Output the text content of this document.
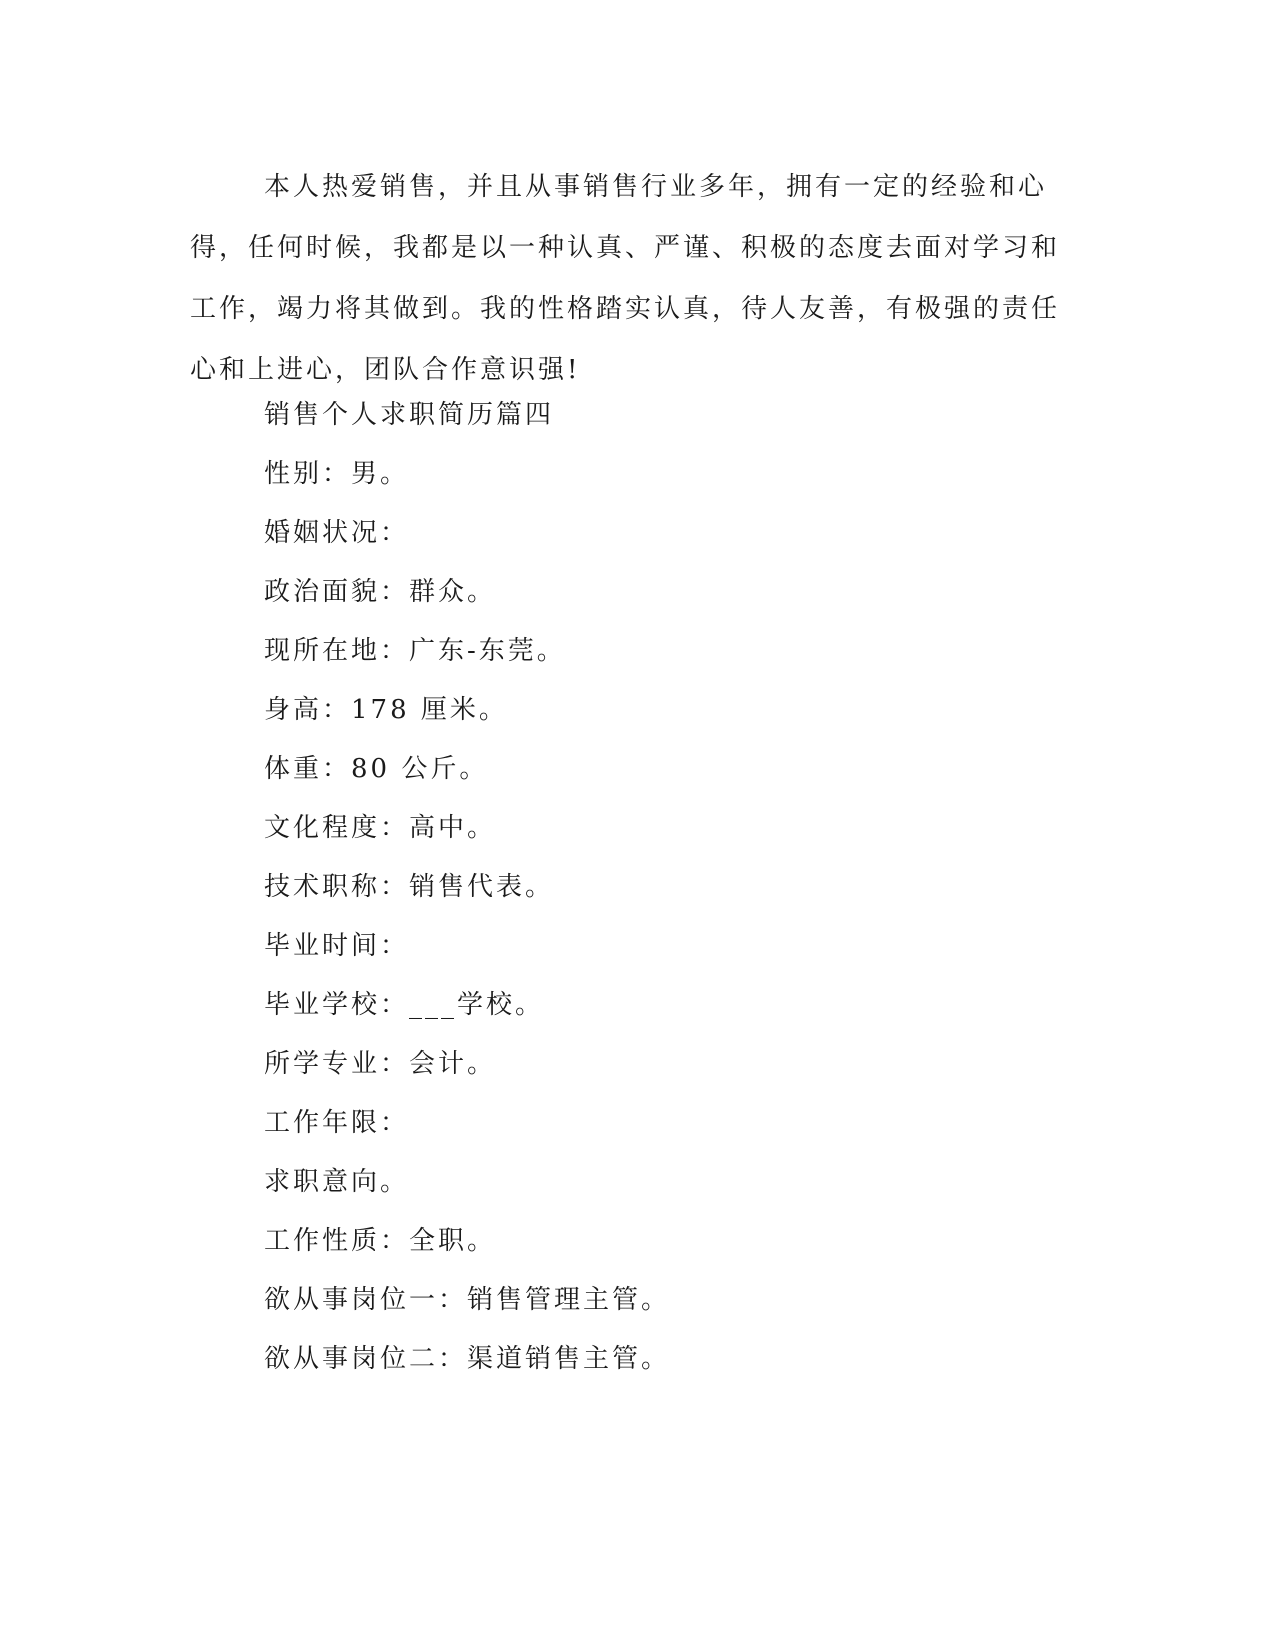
本人热爱销售，并且从事销售行业多年，拥有一定的经验和心得，任何时候，我都是以一种认真、严谨、积极的态度去面对学习和工作，竭力将其做到。我的性格踏实认真，待人友善，有极强的责任心和上进心，团队合作意识强!

销售个人求职简历篇四

性别：男。

婚姻状况：

政治面貌：群众。

现所在地：广东-东莞。

身高：178 厘米。

体重：80 公斤。

文化程度：高中。

技术职称：销售代表。

毕业时间：

毕业学校：___学校。

所学专业：会计。

工作年限：

求职意向。

工作性质：全职。

欲从事岗位一：销售管理主管。

欲从事岗位二：渠道销售主管。
